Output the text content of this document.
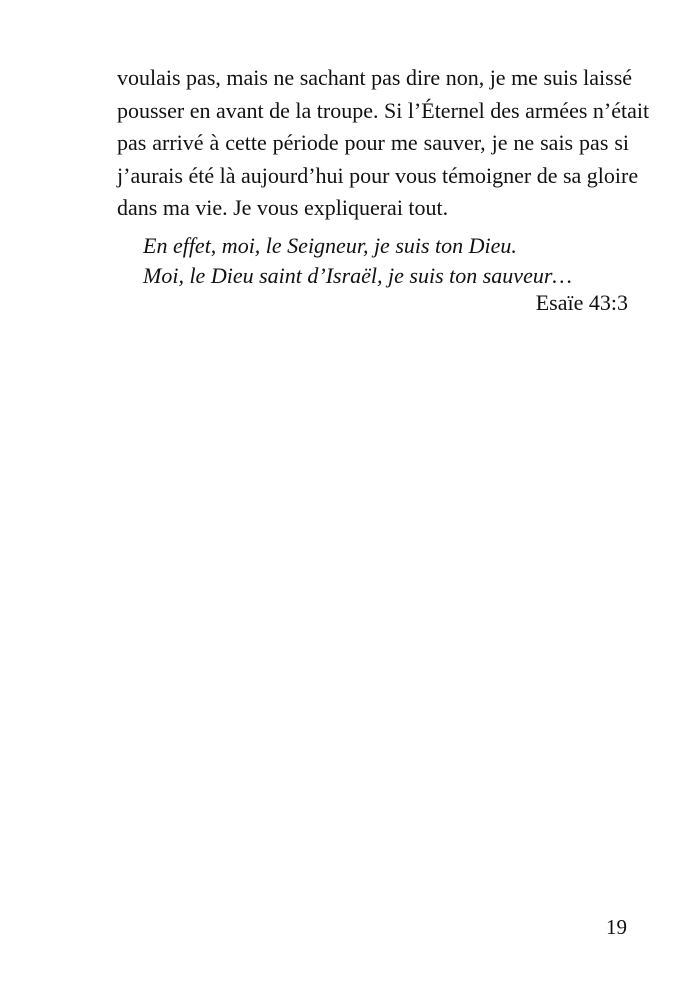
voulais pas, mais ne sachant pas dire non, je me suis laissé
pousser en avant de la troupe. Si l’Éternel des armées n’était
pas arrivé à cette période pour me sauver, je ne sais pas si
j’aurais été là aujourd’hui pour vous témoigner de sa gloire
dans ma vie. Je vous expliquerai tout.

En effet, moi, le Seigneur, je suis ton Dieu.
Moi, le Dieu saint d’Israël, je suis ton sauveur…

Esaïe 43:3

19
